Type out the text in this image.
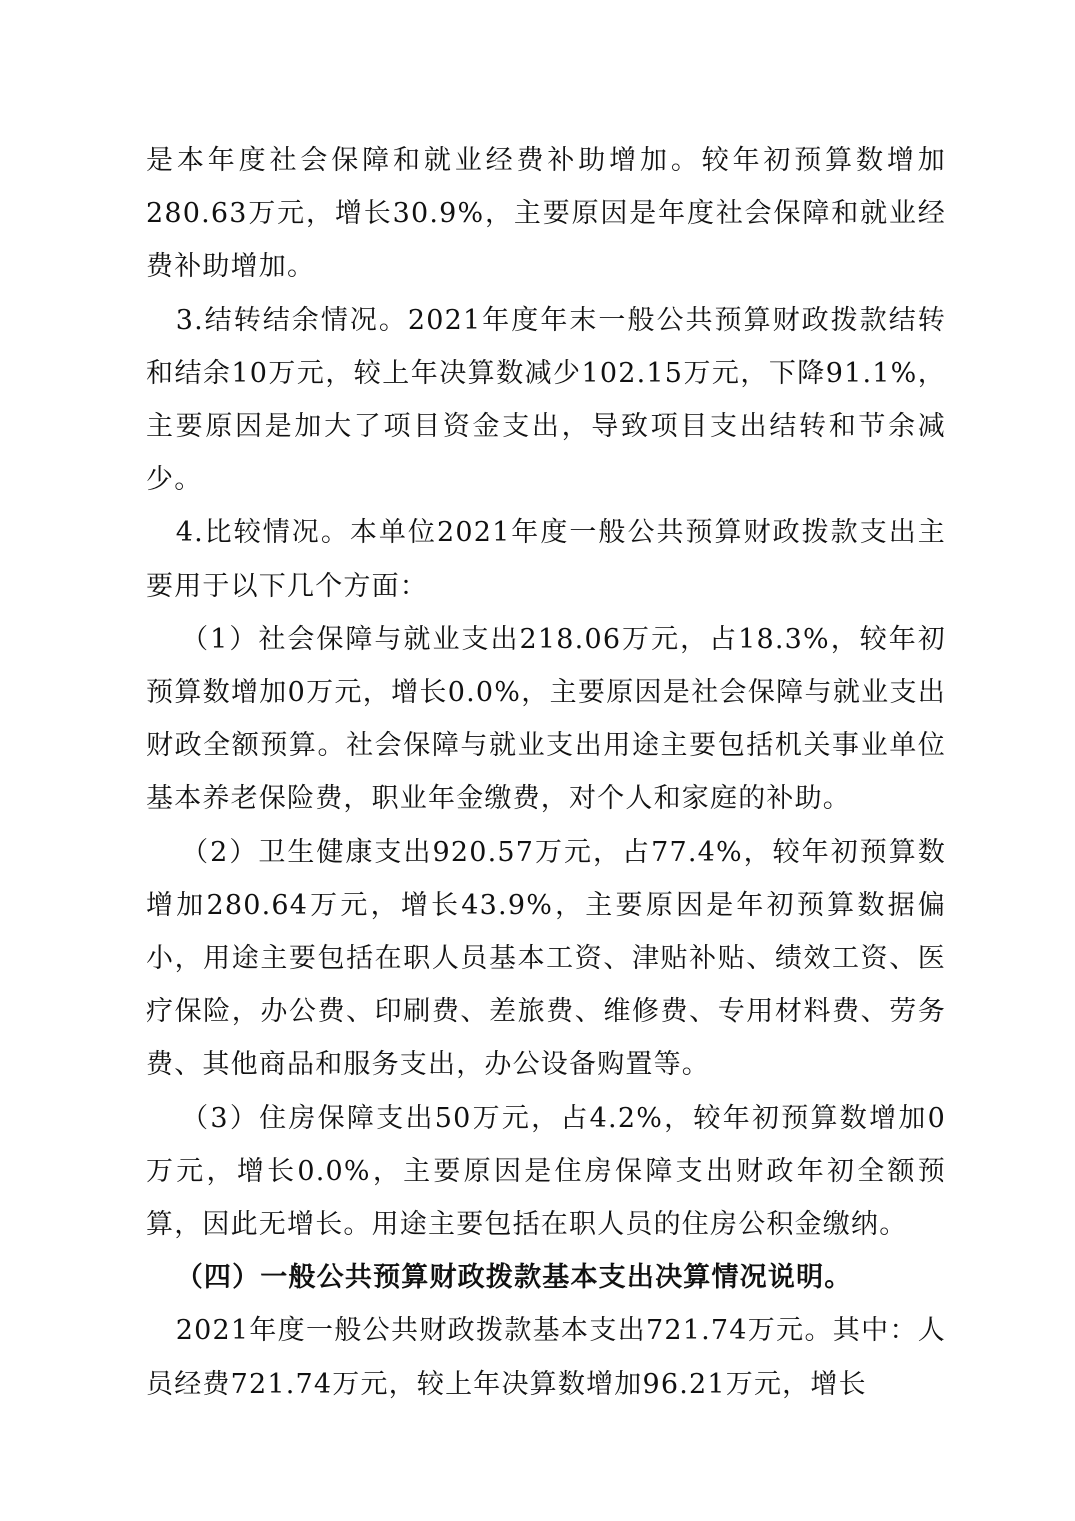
是本年度社会保障和就业经费补助增加。较年初预算数增加280.63万元，增长30.9%，主要原因是年度社会保障和就业经费补助增加。

3.结转结余情况。2021年度年末一般公共预算财政拨款结转和结余10万元，较上年决算数减少102.15万元，下降91.1%，主要原因是加大了项目资金支出，导致项目支出结转和节余减少。

4.比较情况。本单位2021年度一般公共预算财政拨款支出主要用于以下几个方面：

（1）社会保障与就业支出218.06万元，占18.3%，较年初预算数增加0万元，增长0.0%，主要原因是社会保障与就业支出财政全额预算。社会保障与就业支出用途主要包括机关事业单位基本养老保险费，职业年金缴费，对个人和家庭的补助。

（2）卫生健康支出920.57万元，占77.4%，较年初预算数增加280.64万元，增长43.9%，主要原因是年初预算数据偏小，用途主要包括在职人员基本工资、津贴补贴、绩效工资、医疗保险，办公费、印刷费、差旅费、维修费、专用材料费、劳务费、其他商品和服务支出，办公设备购置等。

（3）住房保障支出50万元，占4.2%，较年初预算数增加0万元，增长0.0%，主要原因是住房保障支出财政年初全额预算，因此无增长。用途主要包括在职人员的住房公积金缴纳。

（四）一般公共预算财政拨款基本支出决算情况说明。

2021年度一般公共财政拨款基本支出721.74万元。其中：人员经费721.74万元，较上年决算数增加96.21万元，增长
